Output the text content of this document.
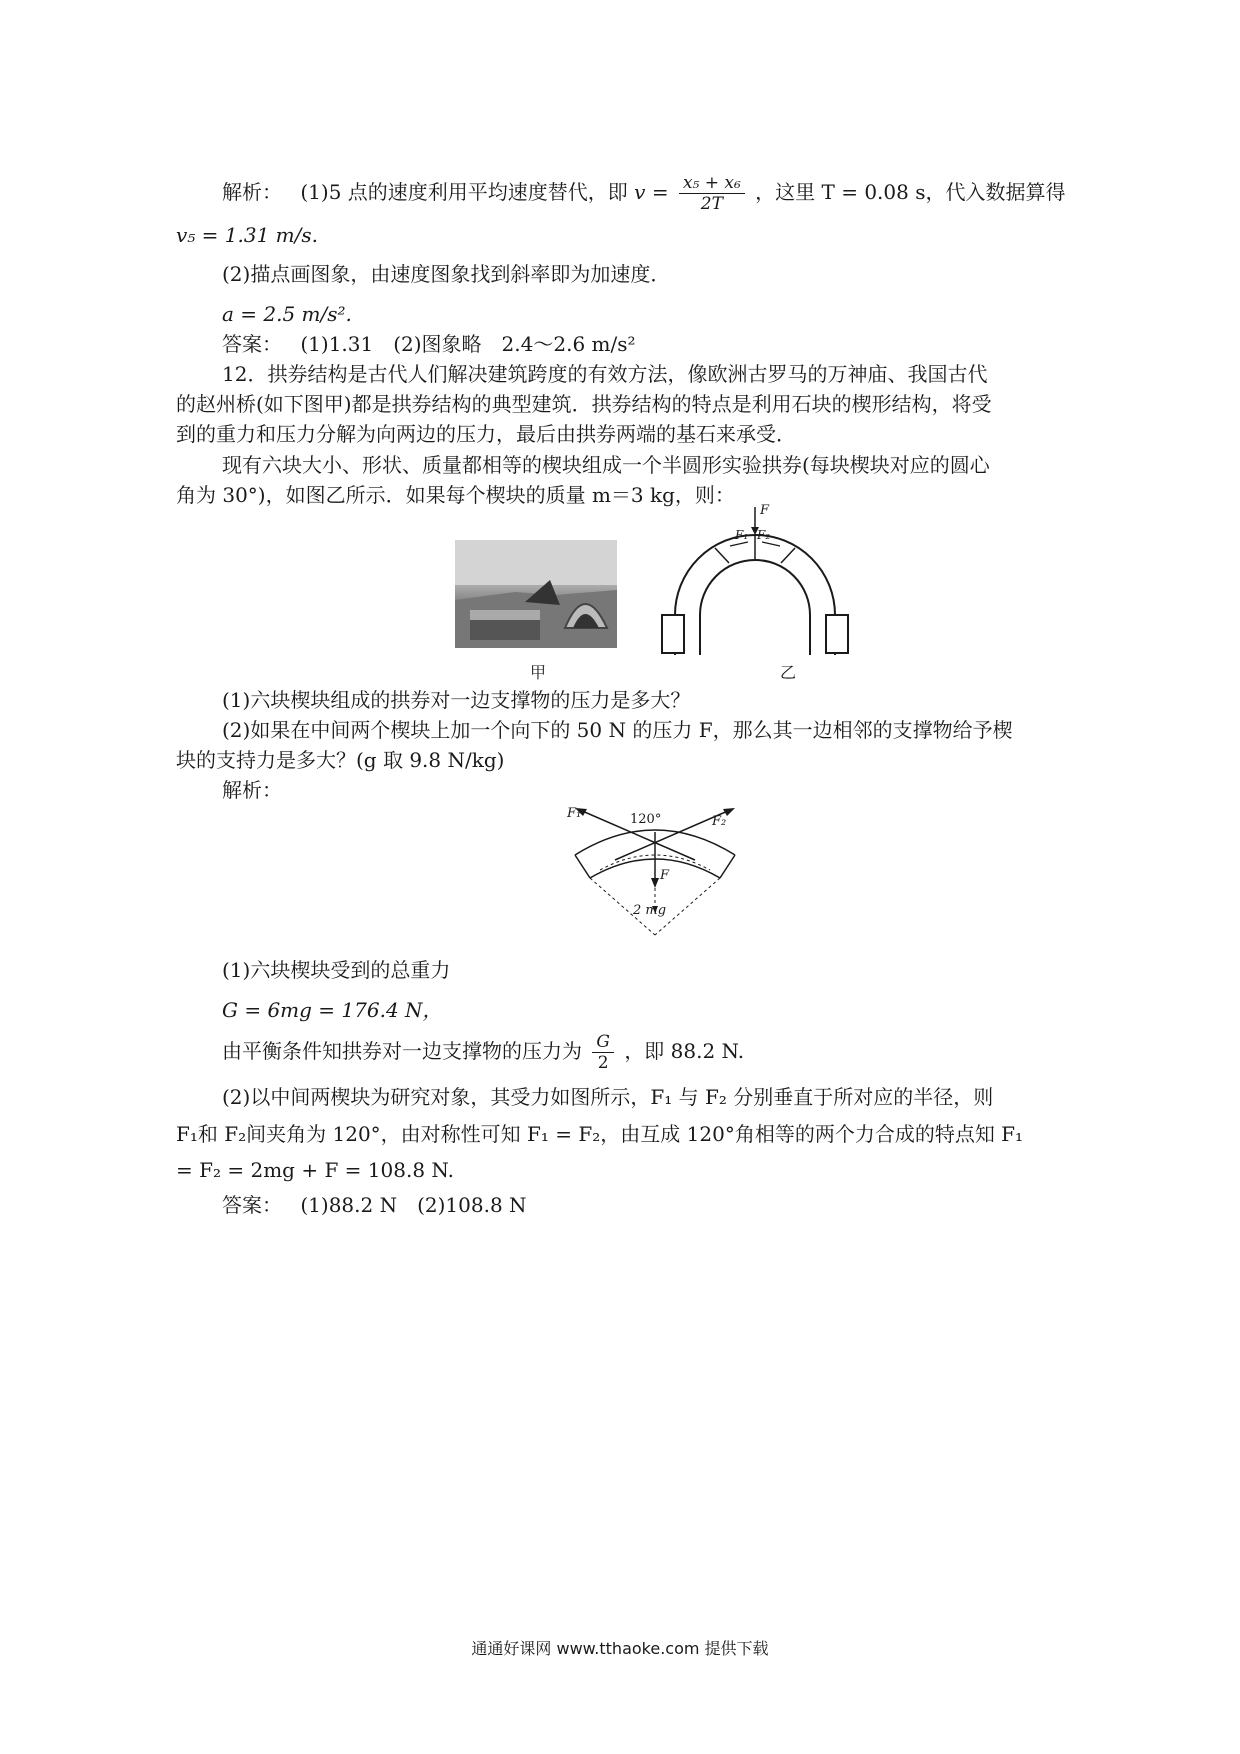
解析： (1)5 点的速度利用平均速度替代，即 $v = \frac{\text{x₅ + x₆}}{2T}$ ，这里 T = 0.08 s，代入数据算得
v₅ = 1.31 m/s.
(2)描点画图象，由速度图象找到斜率即为加速度．
a = 2.5 m/s².
答案： (1)1.31　(2)图象略　2.4～2.6 m/s²
12．拱券结构是古代人们解决建筑跨度的有效方法，像欧洲古罗马的万神庙、我国古代
的赵州桥(如下图甲)都是拱券结构的典型建筑．拱券结构的特点是利用石块的楔形结构，将受
到的重力和压力分解为向两边的压力，最后由拱券两端的基石来承受．
现有六块大小、形状、质量都相等的楔块组成一个半圆形实验拱券(每块楔块对应的圆心
角为 30°)，如图乙所示．如果每个楔块的质量 m＝3 kg，则：
甲
F
F₁ F₂
乙
(1)六块楔块组成的拱券对一边支撑物的压力是多大？
(2)如果在中间两个楔块上加一个向下的 50 N 的压力 F，那么其一边相邻的支撑物给予楔
块的支持力是多大？(g 取 9.8 N/kg)
解析：
F₁	120°	F₂
F
2 mg
(1)六块楔块受到的总重力
G = 6mg = 176.4 N，
由平衡条件知拱券对一边支撑物的压力为 $\frac{G}{2}$ ，即 88.2 N.
(2)以中间两楔块为研究对象，其受力如图所示，F₁ 与 F₂ 分别垂直于所对应的半径，则
F₁和 F₂间夹角为 120°，由对称性可知 F₁ = F₂，由互成 120°角相等的两个力合成的特点知 F₁
= F₂ = 2mg + F = 108.8 N.
答案： (1)88.2 N　(2)108.8 N
通通好课网 www.tthaoke.com 提供下载
